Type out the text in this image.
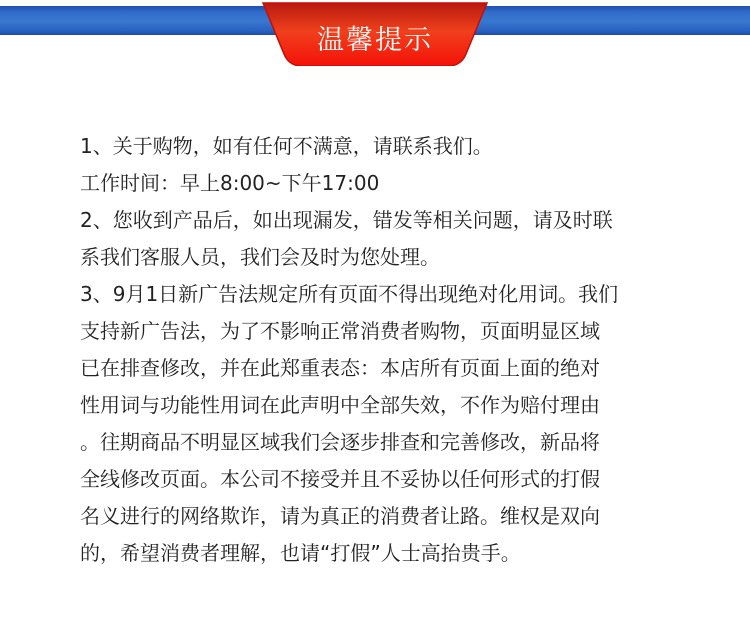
温馨提示
1、关于购物，如有任何不满意，请联系我们。
工作时间：早上8:00~下午17:00
2、您收到产品后，如出现漏发，错发等相关问题，请及时联
系我们客服人员，我们会及时为您处理。
3、9月1日新广告法规定所有页面不得出现绝对化用词。我们
支持新广告法，为了不影响正常消费者购物，页面明显区域
已在排查修改，并在此郑重表态：本店所有页面上面的绝对
性用词与功能性用词在此声明中全部失效，不作为赔付理由
。往期商品不明显区域我们会逐步排查和完善修改，新品将
全线修改页面。本公司不接受并且不妥协以任何形式的打假
名义进行的网络欺诈，请为真正的消费者让路。维权是双向
的，希望消费者理解，也请“打假”人士高抬贵手。
